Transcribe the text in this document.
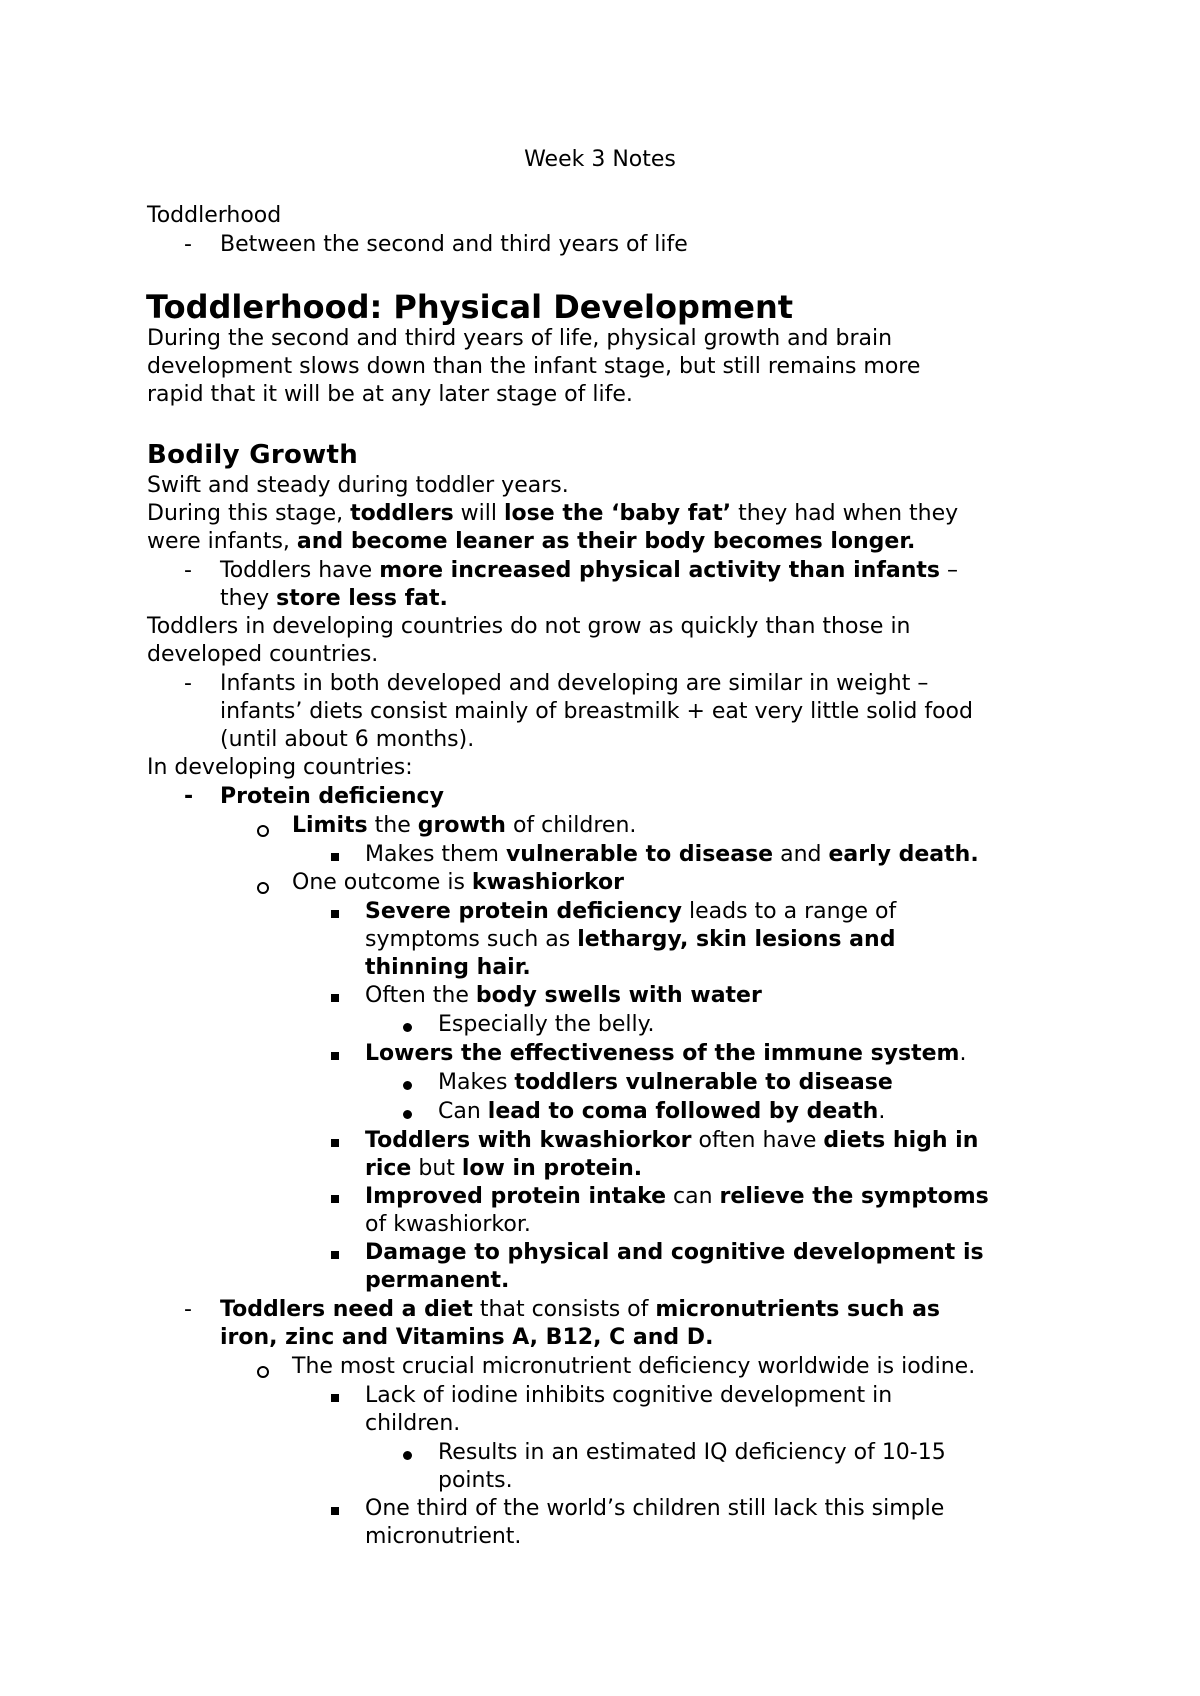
Week 3 Notes
Toddlerhood
- Between the second and third years of life
Toddlerhood: Physical Development
During the second and third years of life, physical growth and brain
development slows down than the infant stage, but still remains more
rapid that it will be at any later stage of life.
Bodily Growth
Swift and steady during toddler years.
During this stage, toddlers will lose the ‘baby fat’ they had when they
were infants, and become leaner as their body becomes longer.
- Toddlers have more increased physical activity than infants –
they store less fat.
Toddlers in developing countries do not grow as quickly than those in
developed countries.
- Infants in both developed and developing are similar in weight –
infants’ diets consist mainly of breastmilk + eat very little solid food
(until about 6 months).
In developing countries:
- Protein deficiency
Limits the growth of children.
Makes them vulnerable to disease and early death.
One outcome is kwashiorkor
Severe protein deficiency leads to a range of
symptoms such as lethargy, skin lesions and
thinning hair.
Often the body swells with water
Especially the belly.
Lowers the effectiveness of the immune system.
Makes toddlers vulnerable to disease
Can lead to coma followed by death.
Toddlers with kwashiorkor often have diets high in
rice but low in protein.
Improved protein intake can relieve the symptoms
of kwashiorkor.
Damage to physical and cognitive development is
permanent.
- Toddlers need a diet that consists of micronutrients such as
iron, zinc and Vitamins A, B12, C and D.
The most crucial micronutrient deficiency worldwide is iodine.
Lack of iodine inhibits cognitive development in
children.
Results in an estimated IQ deficiency of 10-15
points.
One third of the world’s children still lack this simple
micronutrient.
